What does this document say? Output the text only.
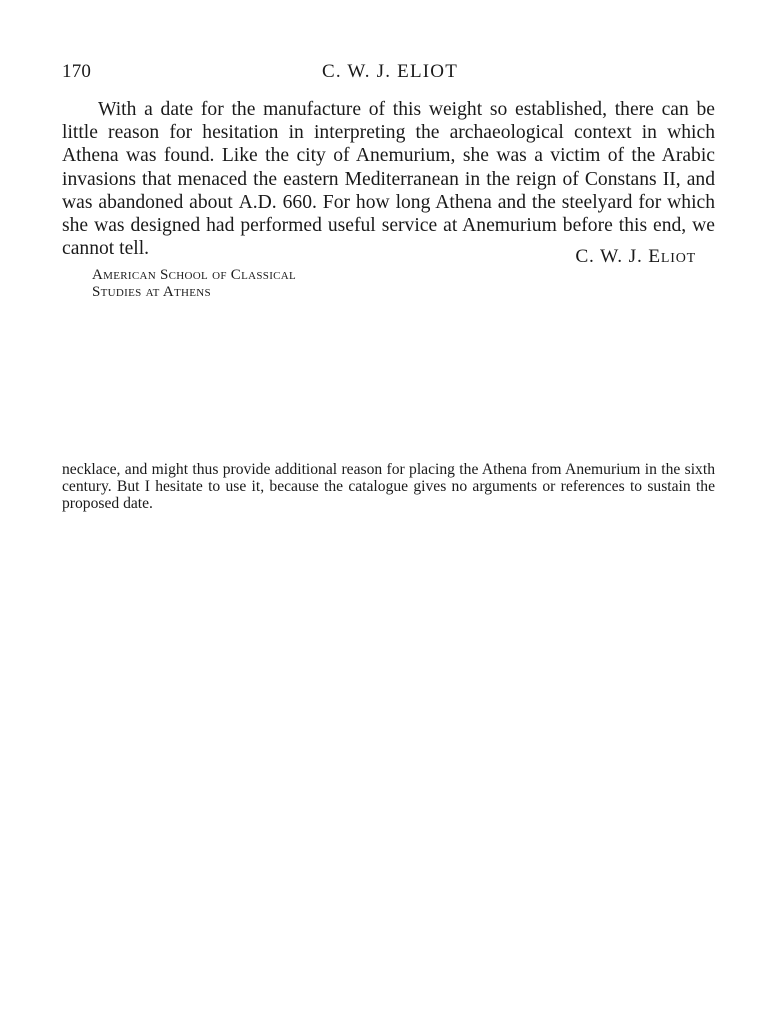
170	C. W. J. ELIOT

With a date for the manufacture of this weight so established, there can be little reason for hesitation in interpreting the archaeological context in which Athena was found. Like the city of Anemurium, she was a victim of the Arabic invasions that menaced the eastern Mediterranean in the reign of Constans II, and was abandoned about A.D. 660. For how long Athena and the steelyard for which she was designed had performed useful service at Anemurium before this end, we cannot tell.	C. W. J. Eliot
American School of Classical
Studies at Athens

necklace, and might thus provide additional reason for placing the Athena from Anemurium in the sixth century. But I hesitate to use it, because the catalogue gives no arguments or references to sustain the proposed date.
